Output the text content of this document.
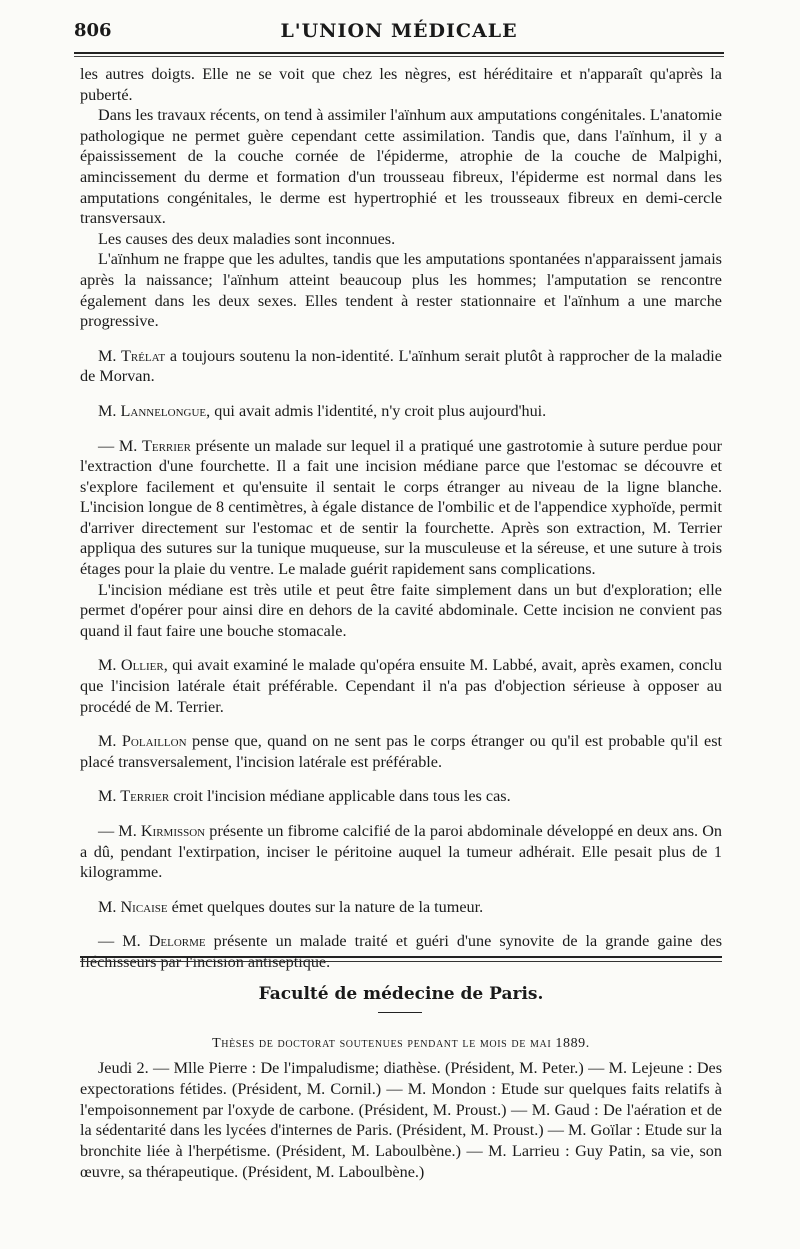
806	L'UNION MÉDICALE

les autres doigts. Elle ne se voit que chez les nègres, est héréditaire et n'apparaît qu'après la puberté.

Dans les travaux récents, on tend à assimiler l'aïnhum aux amputations congénitales. L'anatomie pathologique ne permet guère cependant cette assimilation. Tandis que, dans l'aïnhum, il y a épaississement de la couche cornée de l'épiderme, atrophie de la couche de Malpighi, amincissement du derme et formation d'un trousseau fibreux, l'épiderme est normal dans les amputations congénitales, le derme est hypertrophié et les trousseaux fibreux en demi-cercle transversaux.

Les causes des deux maladies sont inconnues.

L'aïnhum ne frappe que les adultes, tandis que les amputations spontanées n'apparaissent jamais après la naissance; l'aïnhum atteint beaucoup plus les hommes; l'amputation se rencontre également dans les deux sexes. Elles tendent à rester stationnaire et l'aïnhum a une marche progressive.

M. Trélat a toujours soutenu la non-identité. L'aïnhum serait plutôt à rapprocher de la maladie de Morvan.

M. Lannelongue, qui avait admis l'identité, n'y croit plus aujourd'hui.

— M. Terrier présente un malade sur lequel il a pratiqué une gastrotomie à suture perdue pour l'extraction d'une fourchette. Il a fait une incision médiane parce que l'estomac se découvre et s'explore facilement et qu'ensuite il sentait le corps étranger au niveau de la ligne blanche. L'incision longue de 8 centimètres, à égale distance de l'ombilic et de l'appendice xyphoïde, permit d'arriver directement sur l'estomac et de sentir la fourchette. Après son extraction, M. Terrier appliqua des sutures sur la tunique muqueuse, sur la musculeuse et la séreuse, et une suture à trois étages pour la plaie du ventre. Le malade guérit rapidement sans complications.

L'incision médiane est très utile et peut être faite simplement dans un but d'exploration; elle permet d'opérer pour ainsi dire en dehors de la cavité abdominale. Cette incision ne convient pas quand il faut faire une bouche stomacale.

M. Ollier, qui avait examiné le malade qu'opéra ensuite M. Labbé, avait, après examen, conclu que l'incision latérale était préférable. Cependant il n'a pas d'objection sérieuse à opposer au procédé de M. Terrier.

M. Polaillon pense que, quand on ne sent pas le corps étranger ou qu'il est probable qu'il est placé transversalement, l'incision latérale est préférable.

M. Terrier croit l'incision médiane applicable dans tous les cas.

— M. Kirmisson présente un fibrome calcifié de la paroi abdominale développé en deux ans. On a dû, pendant l'extirpation, inciser le péritoine auquel la tumeur adhérait. Elle pesait plus de 1 kilogramme.

M. Nicaise émet quelques doutes sur la nature de la tumeur.

— M. Delorme présente un malade traité et guéri d'une synovite de la grande gaine des fléchisseurs par l'incision antiseptique.

Faculté de médecine de Paris.
Thèses de doctorat soutenues pendant le mois de mai 1889.

Jeudi 2. — Mlle Pierre : De l'impaludisme; diathèse. (Président, M. Peter.) — M. Lejeune : Des expectorations fétides. (Président, M. Cornil.) — M. Mondon : Etude sur quelques faits relatifs à l'empoisonnement par l'oxyde de carbone. (Président, M. Proust.) — M. Gaud : De l'aération et de la sédentarité dans les lycées d'internes de Paris. (Président, M. Proust.) — M. Goïlar : Etude sur la bronchite liée à l'herpétisme. (Président, M. Laboulbène.) — M. Larrieu : Guy Patin, sa vie, son œuvre, sa thérapeutique. (Président, M. Laboulbène.)
